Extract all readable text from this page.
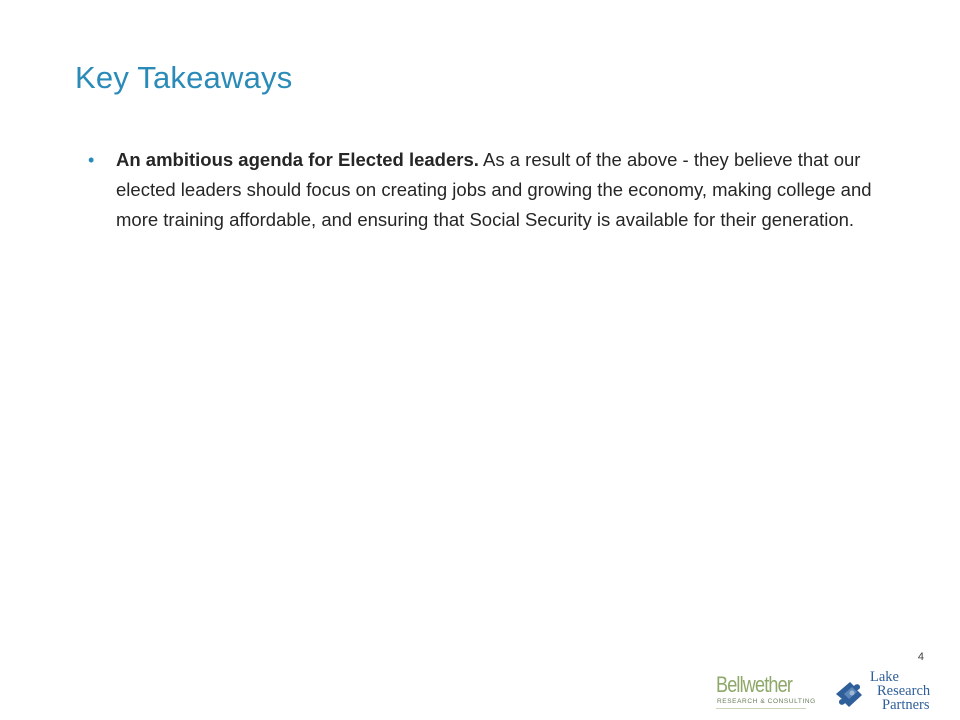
Key Takeaways
• An ambitious agenda for Elected leaders. As a result of the above - they believe that our elected leaders should focus on creating jobs and growing the economy, making college and more training affordable, and ensuring that Social Security is available for their generation.
4
Bellwether
RESEARCH & CONSULTING
Lake
Research
Partners
